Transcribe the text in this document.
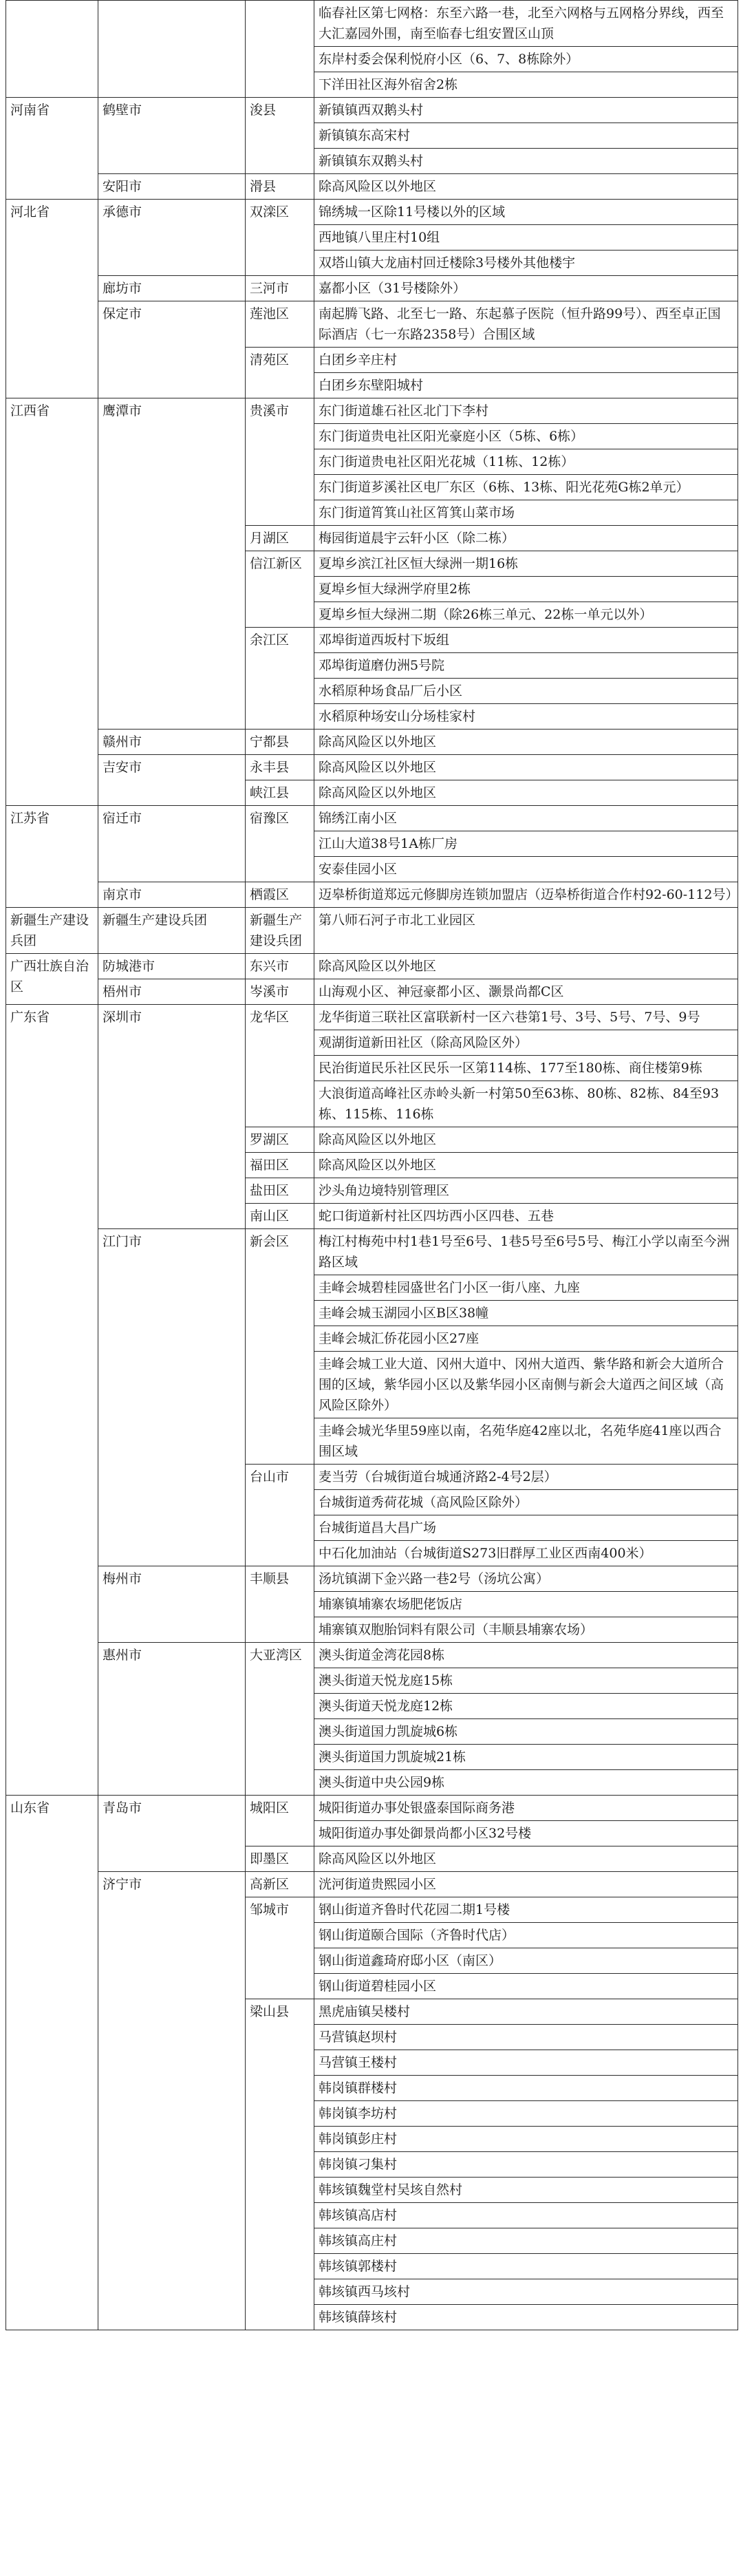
			临春社区第七网格：东至六路一巷，北至六网格与五网格分界线，西至大汇嘉园外围，南至临春七组安置区山顶
			东岸村委会保利悦府小区（6、7、8栋除外）
			下洋田社区海外宿舍2栋
河南省	鹤壁市	浚县	新镇镇西双鹅头村
			新镇镇东高宋村
			新镇镇东双鹅头村
	安阳市	滑县	除高风险区以外地区
河北省	承德市	双滦区	锦绣城一区除11号楼以外的区域
			西地镇八里庄村10组
			双塔山镇大龙庙村回迁楼除3号楼外其他楼宇
	廊坊市	三河市	嘉都小区（31号楼除外）
	保定市	莲池区	南起腾飞路、北至七一路、东起慕子医院（恒升路99号）、西至卓正国际酒店（七一东路2358号）合围区域
		清苑区	白团乡辛庄村
			白团乡东壁阳城村
江西省	鹰潭市	贵溪市	东门街道雄石社区北门下李村
			东门街道贵电社区阳光豪庭小区（5栋、6栋）
			东门街道贵电社区阳光花城（11栋、12栋）
			东门街道芗溪社区电厂东区（6栋、13栋、阳光花苑G栋2单元）
			东门街道筲箕山社区筲箕山菜市场
		月湖区	梅园街道晨宇云轩小区（除二栋）
		信江新区	夏埠乡滨江社区恒大绿洲一期16栋
			夏埠乡恒大绿洲学府里2栋
			夏埠乡恒大绿洲二期（除26栋三单元、22栋一单元以外）
		余江区	邓埠街道西坂村下坂组
			邓埠街道磨仂洲5号院
			水稻原种场食品厂后小区
			水稻原种场安山分场桂家村
	赣州市	宁都县	除高风险区以外地区
	吉安市	永丰县	除高风险区以外地区
		峡江县	除高风险区以外地区
江苏省	宿迁市	宿豫区	锦绣江南小区
			江山大道38号1A栋厂房
			安泰佳园小区
	南京市	栖霞区	迈皋桥街道郑远元修脚房连锁加盟店（迈皋桥街道合作村92-60-112号）
新疆生产建设兵团	新疆生产建设兵团	新疆生产建设兵团	第八师石河子市北工业园区
广西壮族自治区	防城港市	东兴市	除高风险区以外地区
	梧州市	岑溪市	山海观小区、神冠豪都小区、灏景尚都C区
广东省	深圳市	龙华区	龙华街道三联社区富联新村一区六巷第1号、3号、5号、7号、9号
			观湖街道新田社区（除高风险区外）
			民治街道民乐社区民乐一区第114栋、177至180栋、商住楼第9栋
			大浪街道高峰社区赤岭头新一村第50至63栋、80栋、82栋、84至93栋、115栋、116栋
		罗湖区	除高风险区以外地区
		福田区	除高风险区以外地区
		盐田区	沙头角边境特别管理区
		南山区	蛇口街道新村社区四坊西小区四巷、五巷
	江门市	新会区	梅江村梅苑中村1巷1号至6号、1巷5号至6号5号、梅江小学以南至今洲路区域
			圭峰会城碧桂园盛世名门小区一街八座、九座
			圭峰会城玉湖园小区B区38幢
			圭峰会城汇侨花园小区27座
			圭峰会城工业大道、冈州大道中、冈州大道西、紫华路和新会大道所合围的区域，紫华园小区以及紫华园小区南侧与新会大道西之间区域（高风险区除外）
			圭峰会城光华里59座以南，名苑华庭42座以北，名苑华庭41座以西合围区域
		台山市	麦当劳（台城街道台城通济路2-4号2层）
			台城街道秀荷花城（高风险区除外）
			台城街道昌大昌广场
			中石化加油站（台城街道S273旧群厚工业区西南400米）
	梅州市	丰顺县	汤坑镇湖下金兴路一巷2号（汤坑公寓）
			埔寨镇埔寨农场肥佬饭店
			埔寨镇双胞胎饲料有限公司（丰顺县埔寨农场）
	惠州市	大亚湾区	澳头街道金湾花园8栋
			澳头街道天悦龙庭15栋
			澳头街道天悦龙庭12栋
			澳头街道国力凯旋城6栋
			澳头街道国力凯旋城21栋
			澳头街道中央公园9栋
山东省	青岛市	城阳区	城阳街道办事处银盛泰国际商务港
			城阳街道办事处御景尚都小区32号楼
		即墨区	除高风险区以外地区
	济宁市	高新区	洸河街道贵熙园小区
		邹城市	钢山街道齐鲁时代花园二期1号楼
			钢山街道颐合国际（齐鲁时代店）
			钢山街道鑫琦府邸小区（南区）
			钢山街道碧桂园小区
		梁山县	黑虎庙镇吴楼村
			马营镇赵坝村
			马营镇王楼村
			韩岗镇群楼村
			韩岗镇李坊村
			韩岗镇彭庄村
			韩岗镇刁集村
			韩垓镇魏堂村吴垓自然村
			韩垓镇高店村
			韩垓镇高庄村
			韩垓镇郭楼村
			韩垓镇西马垓村
			韩垓镇薛垓村
